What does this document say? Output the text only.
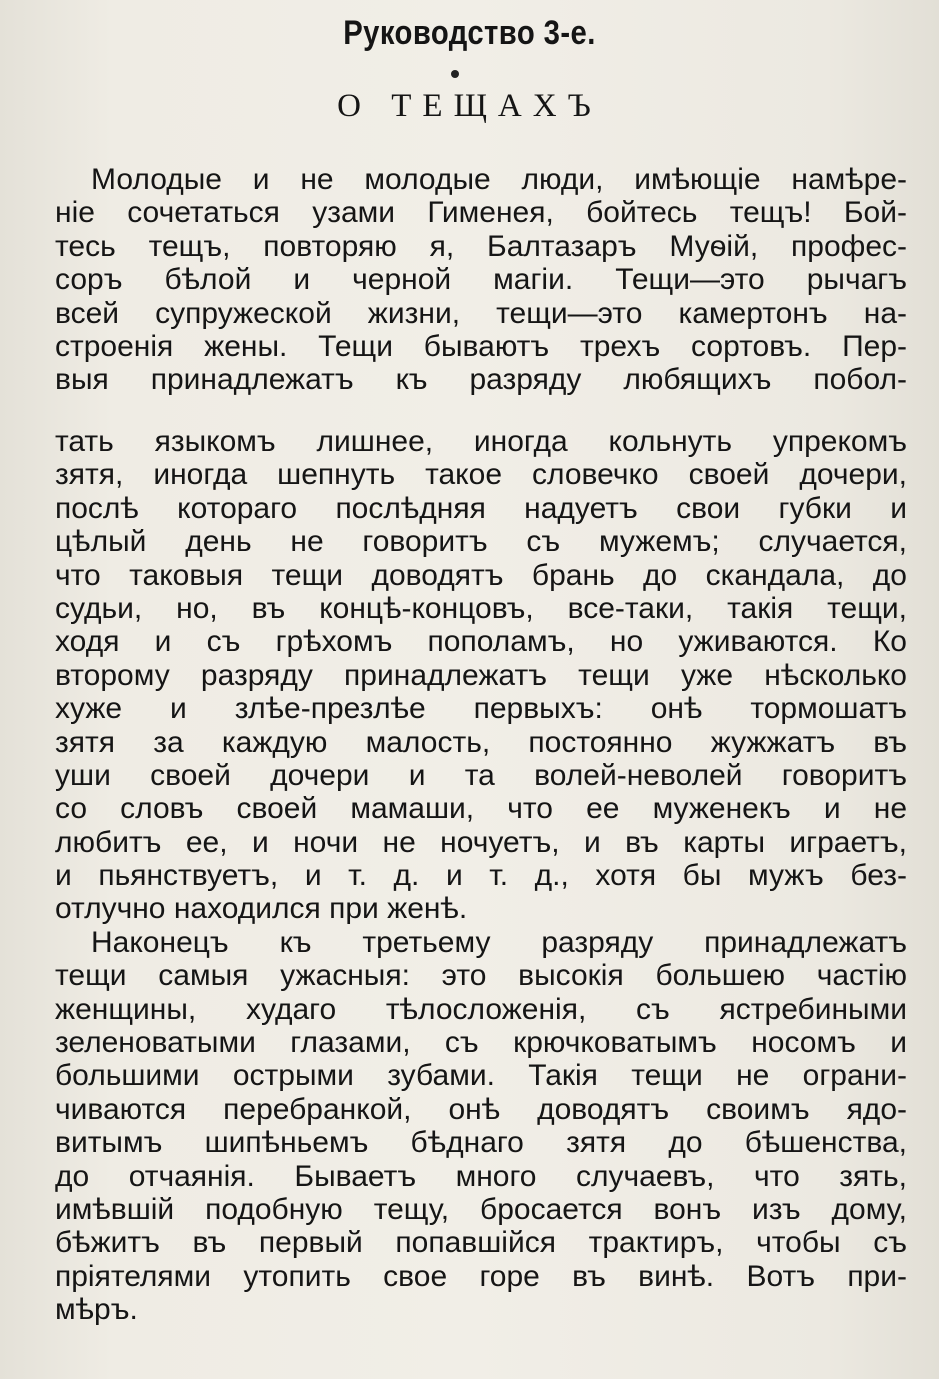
Руководство 3-е.
О ТЕЩАХЪ
Молодые и не молодые люди, имѣющіе намѣре-
ніе сочетаться узами Гименея, бойтесь тещъ! Бой-
тесь тещъ, повторяю я, Балтазаръ Муѳій, профес-
соръ бѣлой и черной магіи. Тещи—это рычагъ
всей супружеской жизни, тещи—это камертонъ на-
строенія жены. Тещи бываютъ трехъ сортовъ. Пер-
выя принадлежатъ къ разряду любящихъ побол-
тать языкомъ лишнее, иногда кольнуть упрекомъ
зятя, иногда шепнуть такое словечко своей дочери,
послѣ котораго послѣдняя надуетъ свои губки и
цѣлый день не говоритъ съ мужемъ; случается,
что таковыя тещи доводятъ брань до скандала, до
судьи, но, въ концѣ-концовъ, все-таки, такія тещи,
ходя и съ грѣхомъ пополамъ, но уживаются. Ко
второму разряду принадлежатъ тещи уже нѣсколько
хуже и злѣе-презлѣе первыхъ: онѣ тормошатъ
зятя за каждую малость, постоянно жужжатъ въ
уши своей дочери и та волей-неволей говоритъ
со словъ своей мамаши, что ее муженекъ и не
любитъ ее, и ночи не ночуетъ, и въ карты играетъ,
и пьянствуетъ, и т. д. и т. д., хотя бы мужъ без-
отлучно находился при женѣ.
Наконецъ къ третьему разряду принадлежатъ
тещи самыя ужасныя: это высокія большею частію
женщины, худаго тѣлосложенія, съ ястребиными
зеленоватыми глазами, съ крючковатымъ носомъ и
большими острыми зубами. Такія тещи не ограни-
чиваются перебранкой, онѣ доводятъ своимъ ядо-
витымъ шипѣньемъ бѣднаго зятя до бѣшенства,
до отчаянія. Бываетъ много случаевъ, что зять,
имѣвшій подобную тещу, бросается вонъ изъ дому,
бѣжитъ въ первый попавшійся трактиръ, чтобы съ
пріятелями утопить свое горе въ винѣ. Вотъ при-
мѣръ.
